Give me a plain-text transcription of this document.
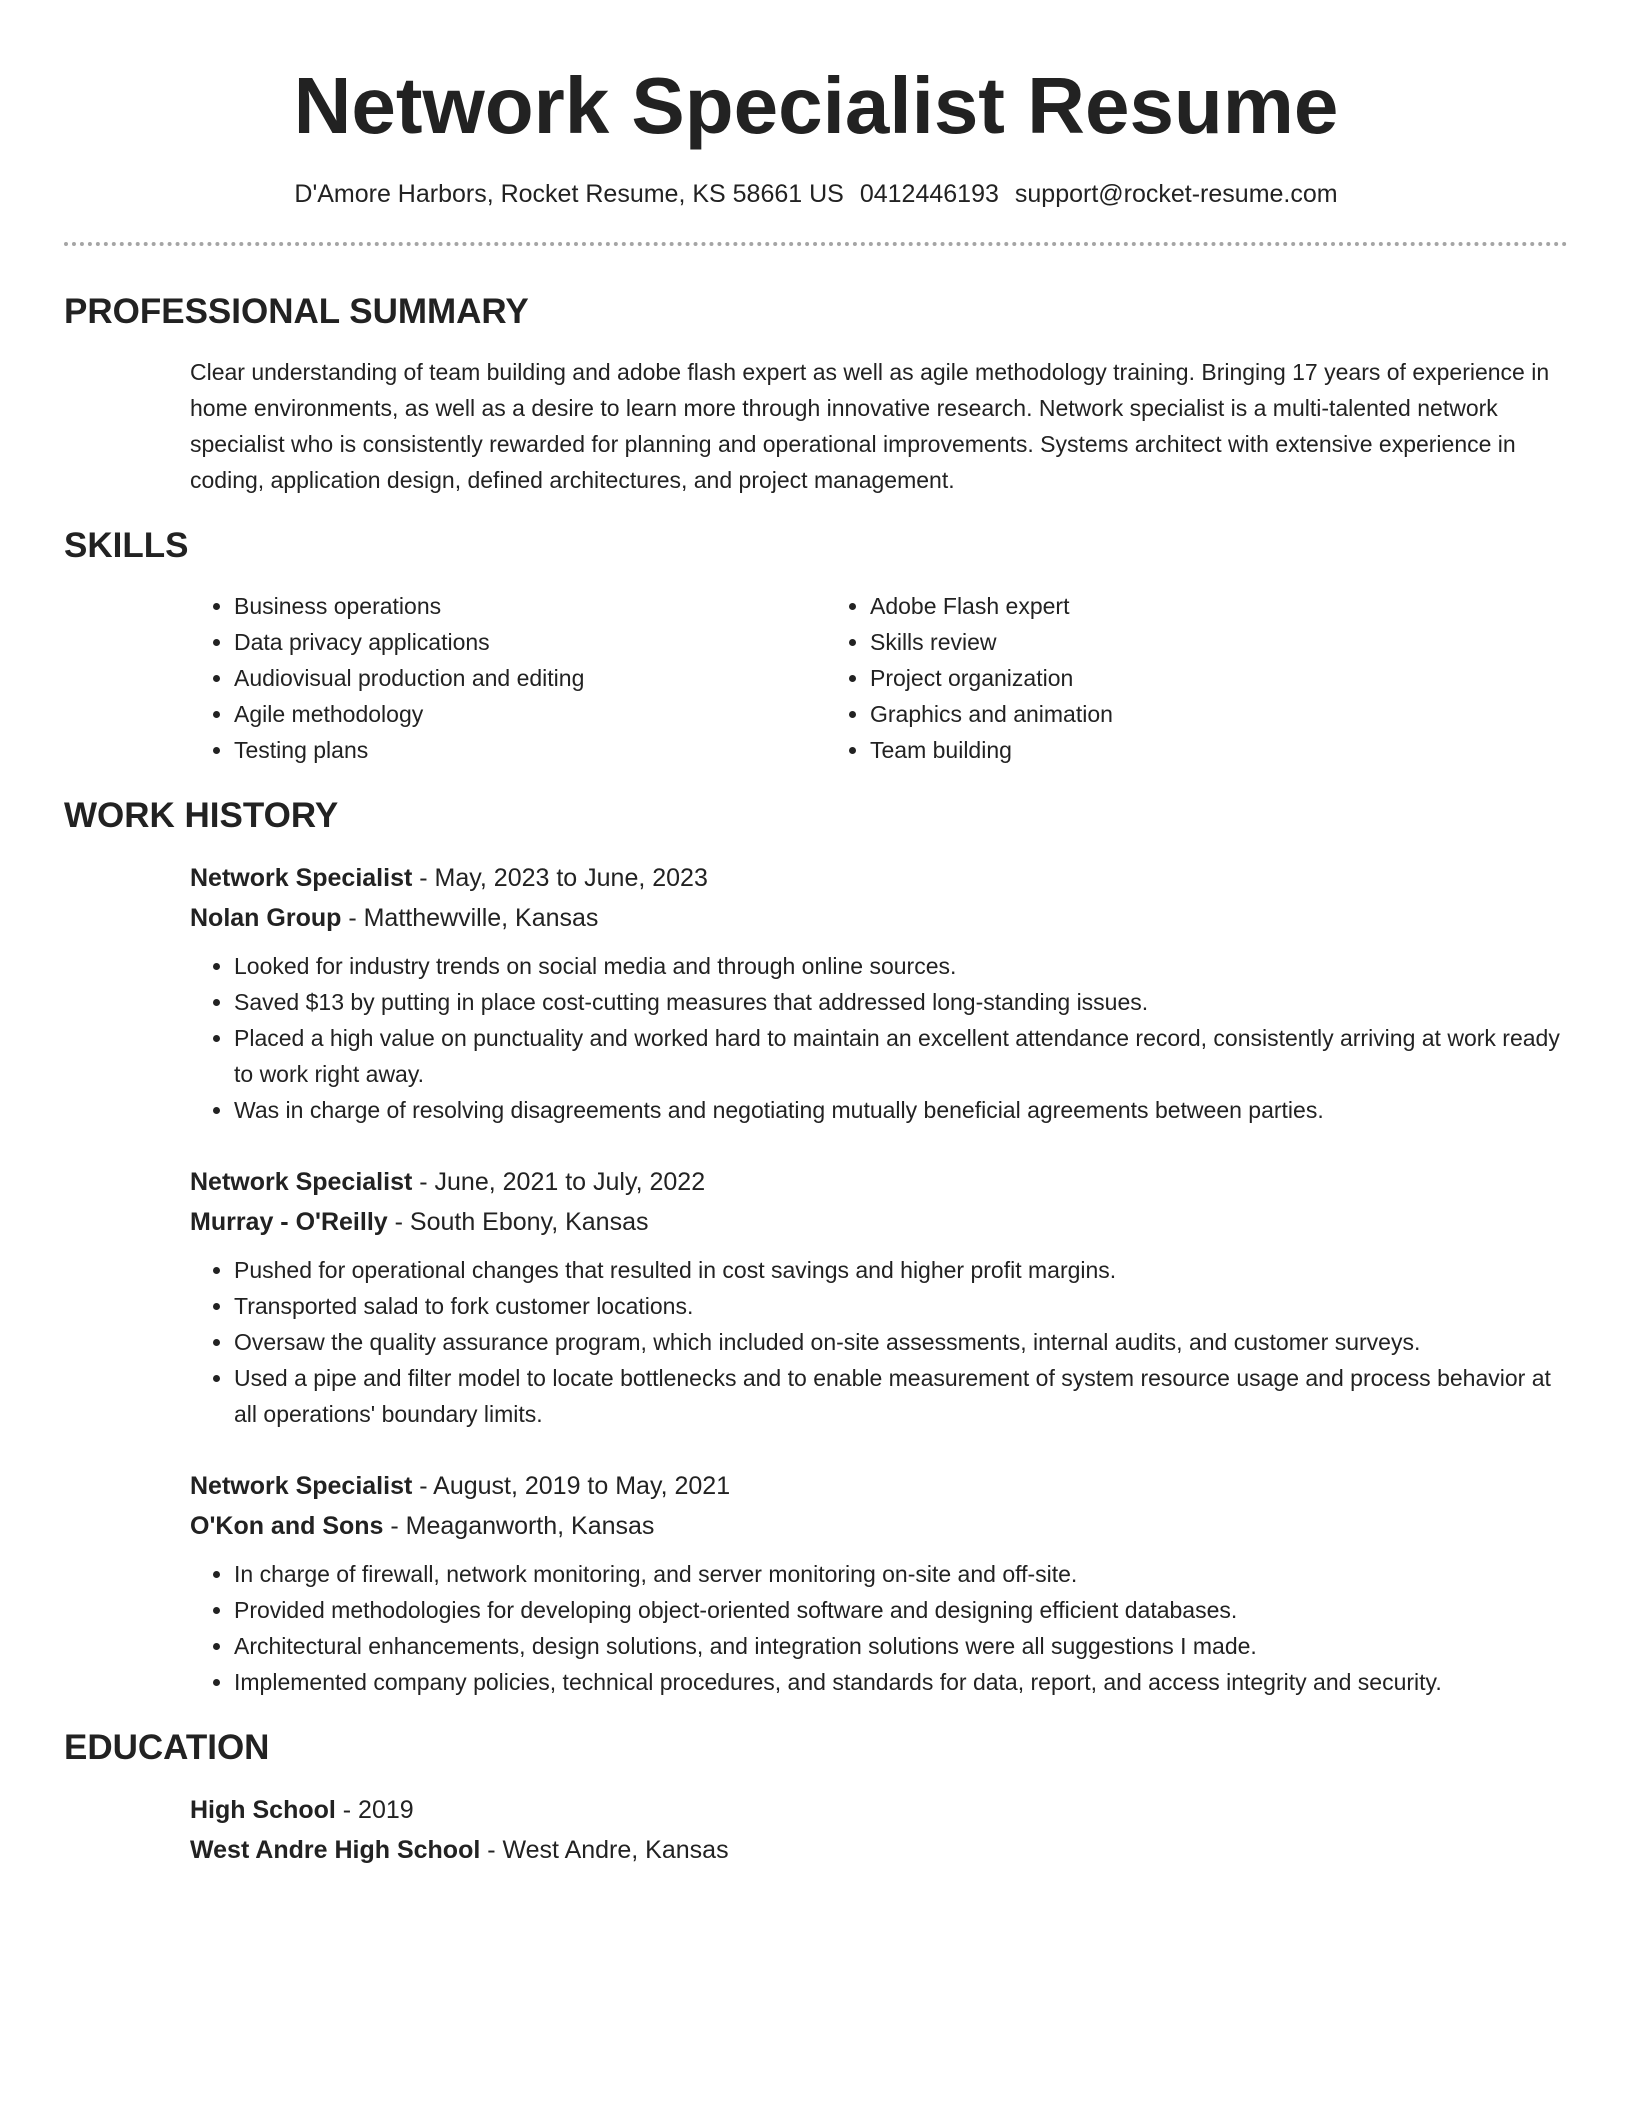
Network Specialist Resume
D'Amore Harbors, Rocket Resume, KS 58661 US 0412446193 support@rocket-resume.com
PROFESSIONAL SUMMARY

Clear understanding of team building and adobe flash expert as well as agile methodology training. Bringing 17 years of experience in home environments, as well as a desire to learn more through innovative research. Network specialist is a multi-talented network specialist who is consistently rewarded for planning and operational improvements. Systems architect with extensive experience in coding, application design, defined architectures, and project management.

SKILLS
• Business operations
• Data privacy applications
• Audiovisual production and editing
• Agile methodology
• Testing plans
• Adobe Flash expert
• Skills review
• Project organization
• Graphics and animation
• Team building
WORK HISTORY
Network Specialist - May, 2023 to June, 2023
Nolan Group - Matthewville, Kansas
• Looked for industry trends on social media and through online sources.
• Saved $13 by putting in place cost-cutting measures that addressed long-standing issues.
• Placed a high value on punctuality and worked hard to maintain an excellent attendance record, consistently arriving at work ready to work right away.
• Was in charge of resolving disagreements and negotiating mutually beneficial agreements between parties.
Network Specialist - June, 2021 to July, 2022
Murray - O'Reilly - South Ebony, Kansas
• Pushed for operational changes that resulted in cost savings and higher profit margins.
• Transported salad to fork customer locations.
• Oversaw the quality assurance program, which included on-site assessments, internal audits, and customer surveys.
• Used a pipe and filter model to locate bottlenecks and to enable measurement of system resource usage and process behavior at all operations' boundary limits.
Network Specialist - August, 2019 to May, 2021
O'Kon and Sons - Meaganworth, Kansas
• In charge of firewall, network monitoring, and server monitoring on-site and off-site.
• Provided methodologies for developing object-oriented software and designing efficient databases.
• Architectural enhancements, design solutions, and integration solutions were all suggestions I made.
• Implemented company policies, technical procedures, and standards for data, report, and access integrity and security.
EDUCATION
High School - 2019
West Andre High School - West Andre, Kansas
